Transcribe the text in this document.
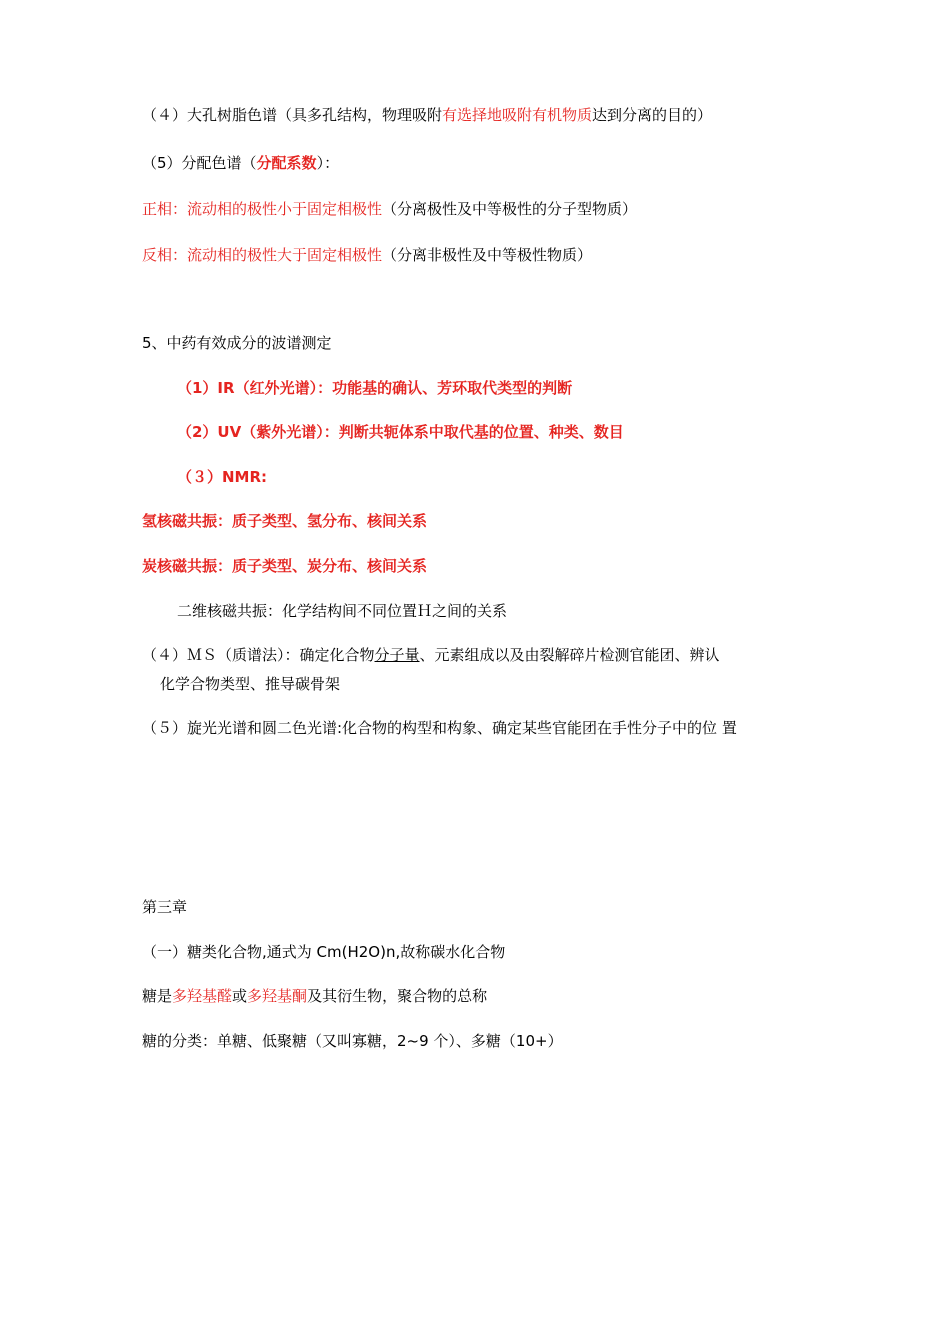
（４）大孔树脂色谱（具多孔结构，物理吸附有选择地吸附有机物质达到分离的目的）
（5）分配色谱（分配系数）：
正相：流动相的极性小于固定相极性（分离极性及中等极性的分子型物质）
反相：流动相的极性大于固定相极性（分离非极性及中等极性物质）
5、中药有效成分的波谱测定
（1）IR（红外光谱）：功能基的确认、芳环取代类型的判断
（2）UV（紫外光谱）：判断共轭体系中取代基的位置、种类、数目
（３）NMR:
氢核磁共振：质子类型、氢分布、核间关系
炭核磁共振：质子类型、炭分布、核间关系
二维核磁共振：化学结构间不同位置Ｈ之间的关系
（４）ＭＳ（质谱法）：确定化合物分子量、元素组成以及由裂解碎片检测官能团、辨认
化学合物类型、推导碳骨架
（５）旋光光谱和圆二色光谱:化合物的构型和构象、确定某些官能团在手性分子中的位 置
第三章
（一）糖类化合物,通式为 Cm(H2O)n,故称碳水化合物
糖是多羟基醛或多羟基酮及其衍生物，聚合物的总称
糖的分类：单糖、低聚糖（又叫寡糖，2~9 个）、多糖（10+）
